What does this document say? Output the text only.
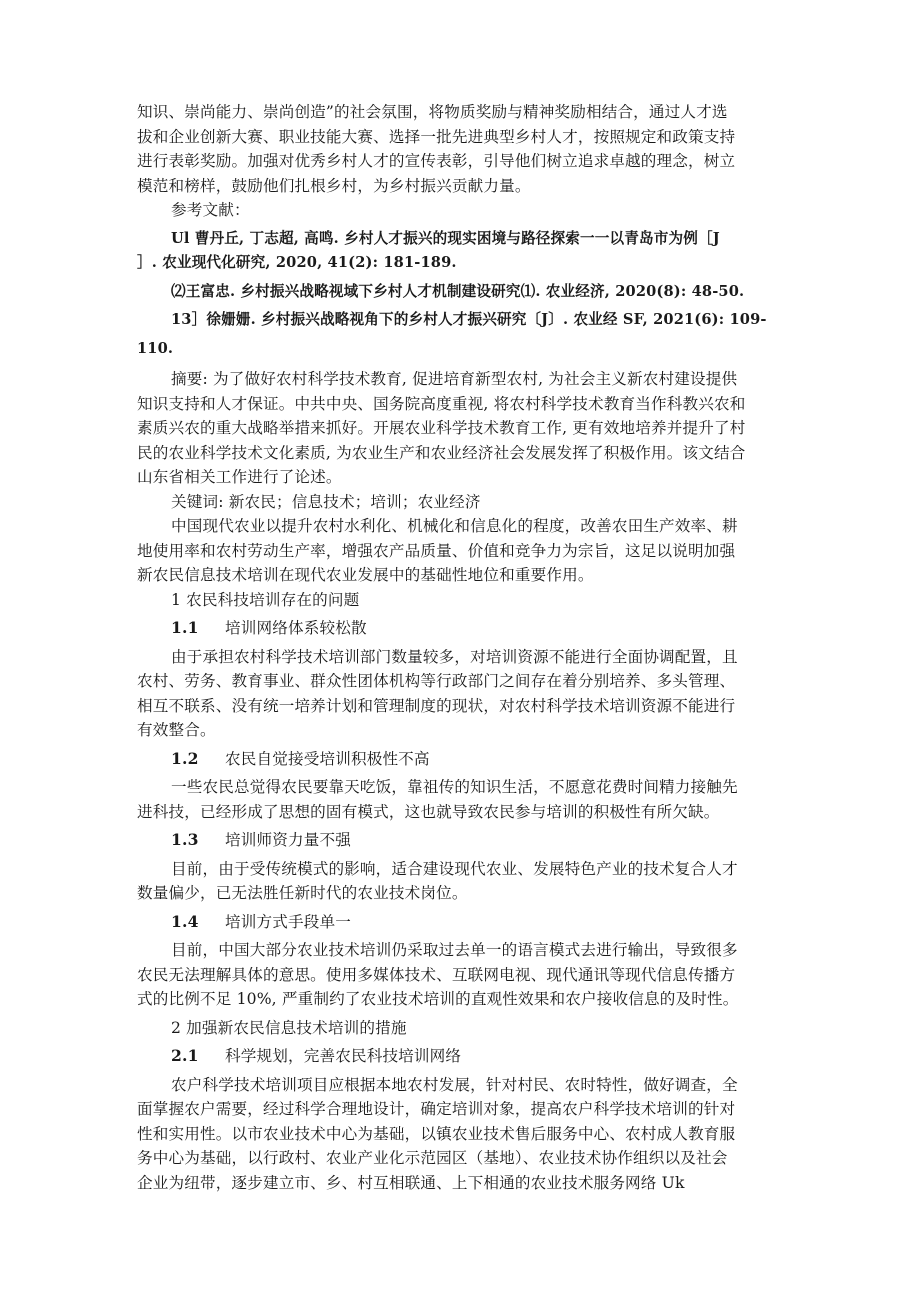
知识、崇尚能力、崇尚创造”的社会氛围，将物质奖励与精神奖励相结合，通过人才选
拔和企业创新大赛、职业技能大赛、选择一批先进典型乡村人才，按照规定和政策支持
进行表彰奖励。加强对优秀乡村人才的宣传表彰，引导他们树立追求卓越的理念，树立
模范和榜样，鼓励他们扎根乡村，为乡村振兴贡献力量。
参考文献：
Ul 曹丹丘, 丁志超, 高鸣. 乡村人才振兴的现实困境与路径探索一一以青岛市为例［J
］. 农业现代化研究, 2020, 41(2): 181-189.
⑵王富忠. 乡村振兴战略视域下乡村人才机制建设研究⑴. 农业经济, 2020(8): 48-50.
13］徐姗姗. 乡村振兴战略视角下的乡村人才振兴研究〔J〕. 农业经 SF, 2021(6): 109-
110.
摘要: 为了做好农村科学技术教育, 促进培育新型农村, 为社会主义新农村建设提供
知识支持和人才保证。中共中央、国务院高度重视, 将农村科学技术教育当作科教兴农和
素质兴农的重大战略举措来抓好。开展农业科学技术教育工作, 更有效地培养并提升了村
民的农业科学技术文化素质, 为农业生产和农业经济社会发展发挥了积极作用。该文结合
山东省相关工作进行了论述。
关键词: 新农民；信息技术；培训；农业经济
中国现代农业以提升农村水利化、机械化和信息化的程度，改善农田生产效率、耕
地使用率和农村劳动生产率，增强农产品质量、价值和竞争力为宗旨，这足以说明加强
新农民信息技术培训在现代农业发展中的基础性地位和重要作用。
1 农民科技培训存在的问题
1.1 培训网络体系较松散
由于承担农村科学技术培训部门数量较多，对培训资源不能进行全面协调配置，且
农村、劳务、教育事业、群众性团体机构等行政部门之间存在着分别培养、多头管理、
相互不联系、没有统一培养计划和管理制度的现状，对农村科学技术培训资源不能进行
有效整合。
1.2 农民自觉接受培训积极性不高
一些农民总觉得农民要靠天吃饭，靠祖传的知识生活，不愿意花费时间精力接触先
进科技，已经形成了思想的固有模式，这也就导致农民参与培训的积极性有所欠缺。
1.3 培训师资力量不强
目前，由于受传统模式的影响，适合建设现代农业、发展特色产业的技术复合人才
数量偏少，已无法胜任新时代的农业技术岗位。
1.4 培训方式手段单一
目前，中国大部分农业技术培训仍采取过去单一的语言模式去进行输出，导致很多
农民无法理解具体的意思。使用多媒体技术、互联网电视、现代通讯等现代信息传播方
式的比例不足 10%, 严重制约了农业技术培训的直观性效果和农户接收信息的及时性。
2 加强新农民信息技术培训的措施
2.1 科学规划，完善农民科技培训网络
农户科学技术培训项目应根据本地农村发展，针对村民、农时特性，做好调查，全
面掌握农户需要，经过科学合理地设计，确定培训对象，提高农户科学技术培训的针对
性和实用性。以市农业技术中心为基础，以镇农业技术售后服务中心、农村成人教育服
务中心为基础，以行政村、农业产业化示范园区（基地）、农业技术协作组织以及社会
企业为纽带，逐步建立市、乡、村互相联通、上下相通的农业技术服务网络 Uk
